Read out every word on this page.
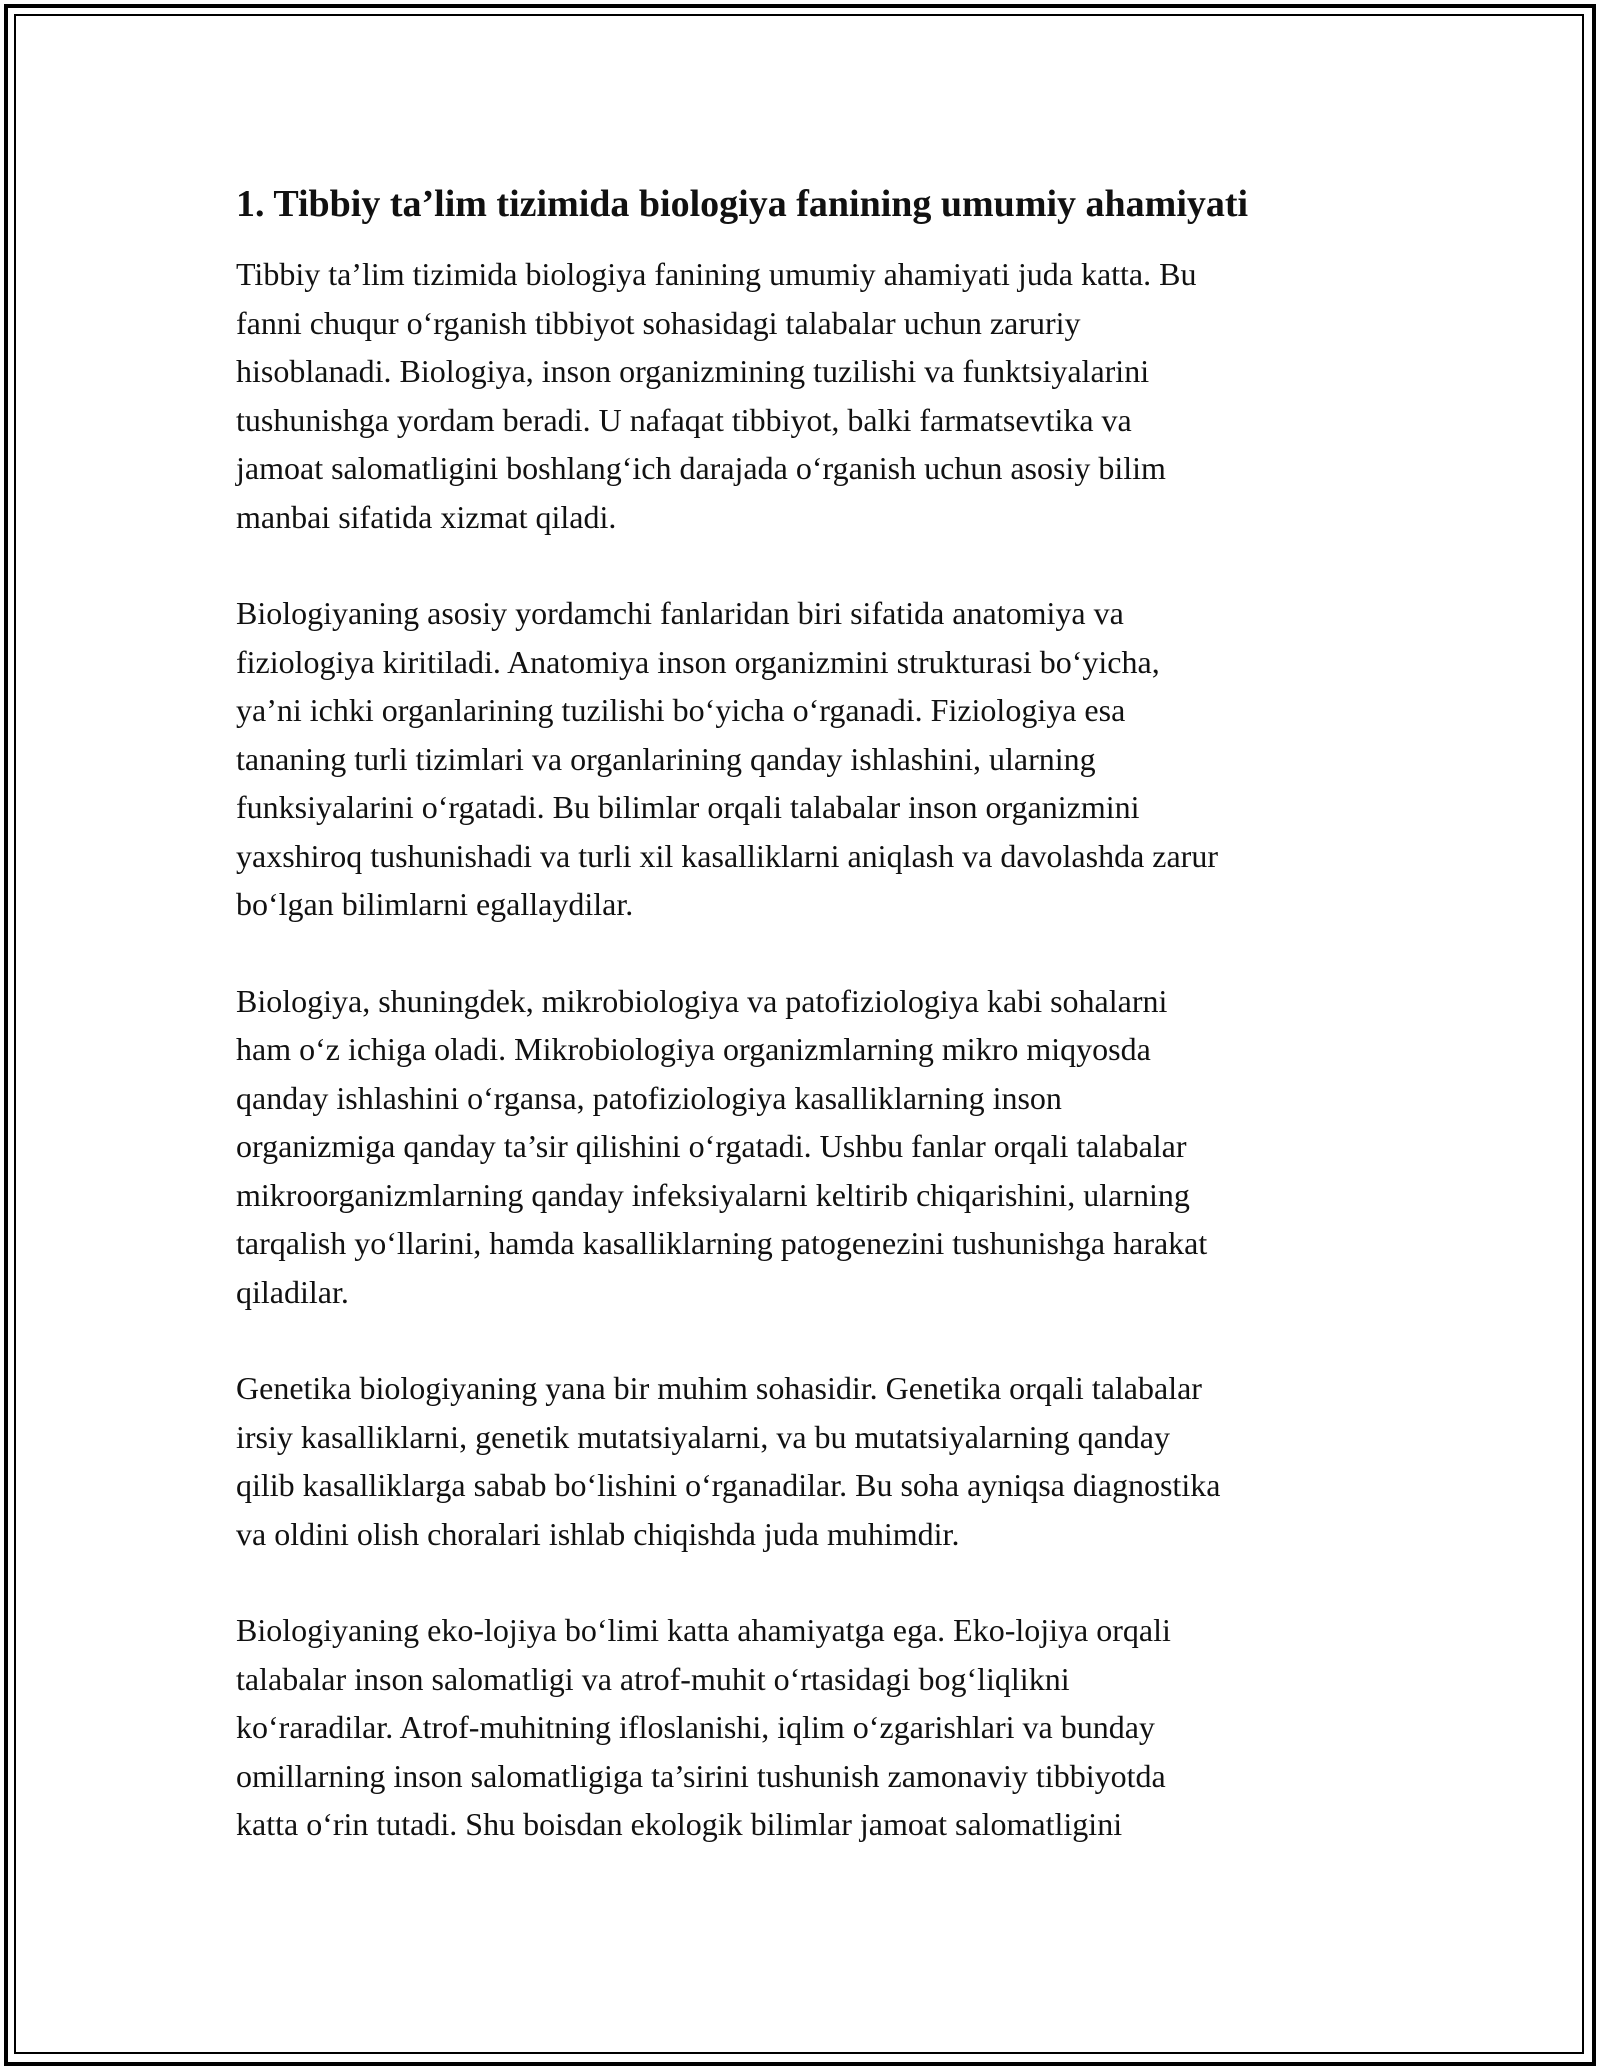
1. Tibbiy ta’lim tizimida biologiya fanining umumiy ahamiyati
Tibbiy ta’lim tizimida biologiya fanining umumiy ahamiyati juda katta. Bu
fanni chuqur o‘rganish tibbiyot sohasidagi talabalar uchun zaruriy
hisoblanadi. Biologiya, inson organizmining tuzilishi va funktsiyalarini
tushunishga yordam beradi. U nafaqat tibbiyot, balki farmatsevtika va
jamoat salomatligini boshlang‘ich darajada o‘rganish uchun asosiy bilim
manbai sifatida xizmat qiladi.
Biologiyaning asosiy yordamchi fanlaridan biri sifatida anatomiya va
fiziologiya kiritiladi. Anatomiya inson organizmini strukturasi bo‘yicha,
ya’ni ichki organlarining tuzilishi bo‘yicha o‘rganadi. Fiziologiya esa
tananing turli tizimlari va organlarining qanday ishlashini, ularning
funksiyalarini o‘rgatadi. Bu bilimlar orqali talabalar inson organizmini
yaxshiroq tushunishadi va turli xil kasalliklarni aniqlash va davolashda zarur
bo‘lgan bilimlarni egallaydilar.
Biologiya, shuningdek, mikrobiologiya va patofiziologiya kabi sohalarni
ham o‘z ichiga oladi. Mikrobiologiya organizmlarning mikro miqyosda
qanday ishlashini o‘rgansa, patofiziologiya kasalliklarning inson
organizmiga qanday ta’sir qilishini o‘rgatadi. Ushbu fanlar orqali talabalar
mikroorganizmlarning qanday infeksiyalarni keltirib chiqarishini, ularning
tarqalish yo‘llarini, hamda kasalliklarning patogenezini tushunishga harakat
qiladilar.
Genetika biologiyaning yana bir muhim sohasidir. Genetika orqali talabalar
irsiy kasalliklarni, genetik mutatsiyalarni, va bu mutatsiyalarning qanday
qilib kasalliklarga sabab bo‘lishini o‘rganadilar. Bu soha ayniqsa diagnostika
va oldini olish choralari ishlab chiqishda juda muhimdir.
Biologiyaning eko-lojiya bo‘limi katta ahamiyatga ega. Eko-lojiya orqali
talabalar inson salomatligi va atrof-muhit o‘rtasidagi bog‘liqlikni
ko‘raradilar. Atrof-muhitning ifloslanishi, iqlim o‘zgarishlari va bunday
omillarning inson salomatligiga ta’sirini tushunish zamonaviy tibbiyotda
katta o‘rin tutadi. Shu boisdan ekologik bilimlar jamoat salomatligini
